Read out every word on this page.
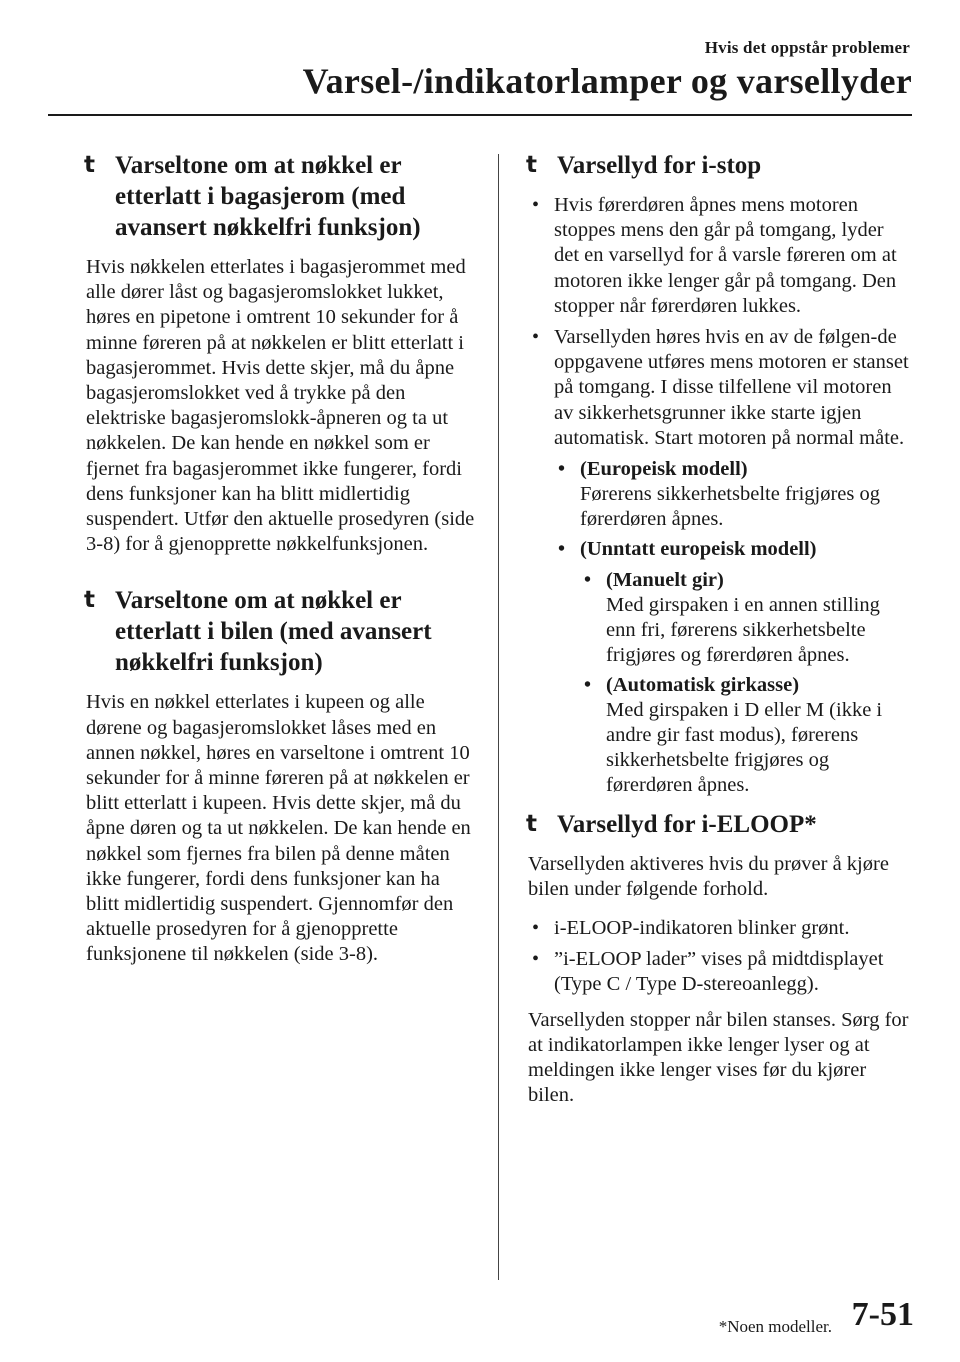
Hvis det oppstår problemer
Varsel-/indikatorlamper og varsellyder
t Varseltone om at nøkkel er etterlatt i bagasjerom (med avansert nøkkelfri funksjon)

Hvis nøkkelen etterlates i bagasjerommet med alle dører låst og bagasjeromslokket lukket, høres en pipetone i omtrent 10 sekunder for å minne føreren på at nøkkelen er blitt etterlatt i bagasjerommet. Hvis dette skjer, må du åpne bagasjeromslokket ved å trykke på den elektriske bagasjeromslokk-åpneren og ta ut nøkkelen. De kan hende en nøkkel som er fjernet fra bagasjerommet ikke fungerer, fordi dens funksjoner kan ha blitt midlertidig suspendert. Utfør den aktuelle prosedyren (side 3-8) for å gjenopprette nøkkelfunksjonen.

t Varseltone om at nøkkel er etterlatt i bilen (med avansert nøkkelfri funksjon)

Hvis en nøkkel etterlates i kupeen og alle dørene og bagasjeromslokket låses med en annen nøkkel, høres en varseltone i omtrent 10 sekunder for å minne føreren på at nøkkelen er blitt etterlatt i kupeen. Hvis dette skjer, må du åpne døren og ta ut nøkkelen. De kan hende en nøkkel som fjernes fra bilen på denne måten ikke fungerer, fordi dens funksjoner kan ha blitt midlertidig suspendert. Gjennomfør den aktuelle prosedyren for å gjenopprette funksjonene til nøkkelen (side 3-8).

t Varsellyd for i-stop
• Hvis førerdøren åpnes mens motoren stoppes mens den går på tomgang, lyder det en varsellyd for å varsle føreren om at motoren ikke lenger går på tomgang. Den stopper når førerdøren lukkes.
• Varsellyden høres hvis en av de følgen-de oppgavene utføres mens motoren er stanset på tomgang. I disse tilfellene vil motoren av sikkerhetsgrunner ikke starte igjen automatisk. Start motoren på normal måte.
• (Europeisk modell)
Førerens sikkerhetsbelte frigjøres og førerdøren åpnes.
• (Unntatt europeisk modell)
• (Manuelt gir)
Med girspaken i en annen stilling enn fri, førerens sikkerhetsbelte frigjøres og førerdøren åpnes.
• (Automatisk girkasse)
Med girspaken i D eller M (ikke i andre gir fast modus), førerens sikkerhetsbelte frigjøres og førerdøren åpnes.
t Varsellyd for i-ELOOP*

Varsellyden aktiveres hvis du prøver å kjøre bilen under følgende forhold.

• i-ELOOP-indikatoren blinker grønt.
• ”i-ELOOP lader” vises på midtdisplayet (Type C / Type D-stereoanlegg).

Varsellyden stopper når bilen stanses. Sørg for at indikatorlampen ikke lenger lyser og at meldingen ikke lenger vises før du kjører bilen.

*Noen modeller. 7-51
